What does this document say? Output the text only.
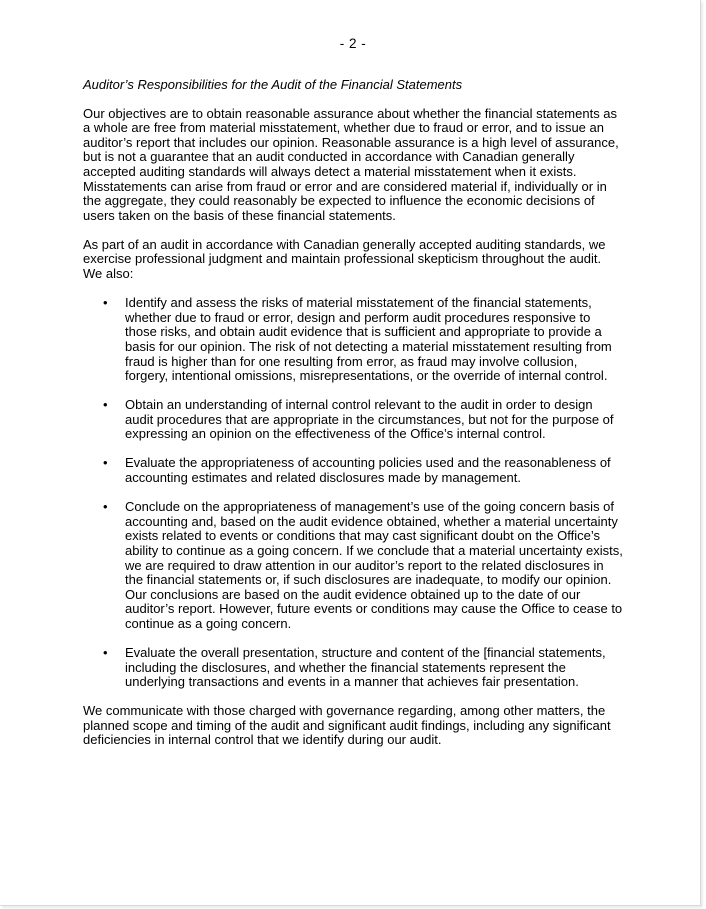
- 2 -
Auditor’s Responsibilities for the Audit of the Financial Statements

Our objectives are to obtain reasonable assurance about whether the financial statements as a whole are free from material misstatement, whether due to fraud or error, and to issue an auditor’s report that includes our opinion. Reasonable assurance is a high level of assurance, but is not a guarantee that an audit conducted in accordance with Canadian generally accepted auditing standards will always detect a material misstatement when it exists. Misstatements can arise from fraud or error and are considered material if, individually or in the aggregate, they could reasonably be expected to influence the economic decisions of users taken on the basis of these financial statements.

As part of an audit in accordance with Canadian generally accepted auditing standards, we exercise professional judgment and maintain professional skepticism throughout the audit. We also:

•	Identify and assess the risks of material misstatement of the financial statements, whether due to fraud or error, design and perform audit procedures responsive to those risks, and obtain audit evidence that is sufficient and appropriate to provide a basis for our opinion. The risk of not detecting a material misstatement resulting from fraud is higher than for one resulting from error, as fraud may involve collusion, forgery, intentional omissions, misrepresentations, or the override of internal control.
•	Obtain an understanding of internal control relevant to the audit in order to design audit procedures that are appropriate in the circumstances, but not for the purpose of expressing an opinion on the effectiveness of the Office’s internal control.
•	Evaluate the appropriateness of accounting policies used and the reasonableness of accounting estimates and related disclosures made by management.
•	Conclude on the appropriateness of management’s use of the going concern basis of accounting and, based on the audit evidence obtained, whether a material uncertainty exists related to events or conditions that may cast significant doubt on the Office’s ability to continue as a going concern. If we conclude that a material uncertainty exists, we are required to draw attention in our auditor’s report to the related disclosures in the financial statements or, if such disclosures are inadequate, to modify our opinion. Our conclusions are based on the audit evidence obtained up to the date of our auditor’s report. However, future events or conditions may cause the Office to cease to continue as a going concern.
•	Evaluate the overall presentation, structure and content of the [financial statements, including the disclosures, and whether the financial statements represent the underlying transactions and events in a manner that achieves fair presentation.

We communicate with those charged with governance regarding, among other matters, the planned scope and timing of the audit and significant audit findings, including any significant deficiencies in internal control that we identify during our audit.
